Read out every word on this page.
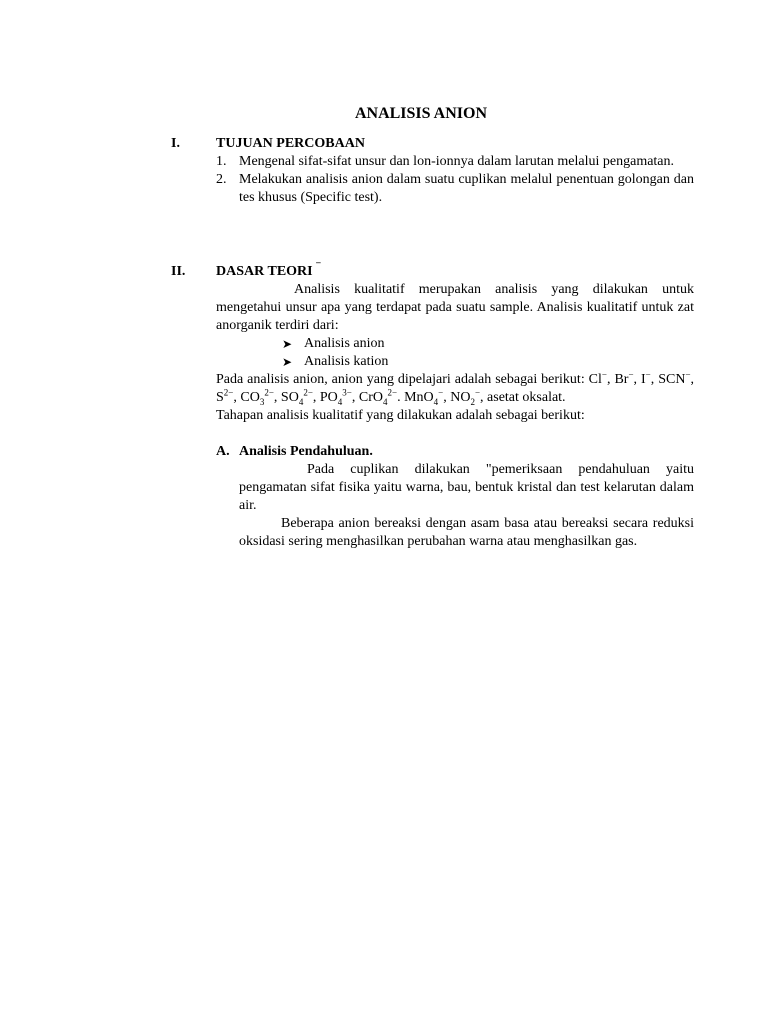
ANALISIS ANION
I.	TUJUAN PERCOBAAN
1. Mengenal sifat-sifat unsur dan lon-ionnya dalam larutan melalui pengamatan.
2. Melakukan analisis anion dalam suatu cuplikan melalul penentuan golongan dan tes khusus (Specific test).
II. DASAR TEORI ¯
Analisis kualitatif merupakan analisis yang dilakukan untuk mengetahui unsur apa yang terdapat pada suatu sample. Analisis kualitatif untuk zat anorganik terdiri dari:
➤ Analisis anion
➤ Analisis kation
Pada analisis anion, anion yang dipelajari adalah sebagai berikut: Cl−, Br−, I−, SCN−, $S^{2-}$, $CO_3^{2-}$, $SO_4^{2-}$, $PO_4^{3-}$, CrO$_4^{2-}$. MnO$_4$−, $NO_2^-$, asetat oksalat.
Tahapan analisis kualitatif yang dilakukan adalah sebagai berikut:
A. Analisis Pendahuluan.
Pada cuplikan dilakukan "pemeriksaan pendahuluan yaitu pengamatan sifat fisika yaitu warna, bau, bentuk kristal dan test kelarutan dalam air.
Beberapa anion bereaksi dengan asam basa atau bereaksi secara reduksi oksidasi sering menghasilkan perubahan warna atau menghasilkan gas.
